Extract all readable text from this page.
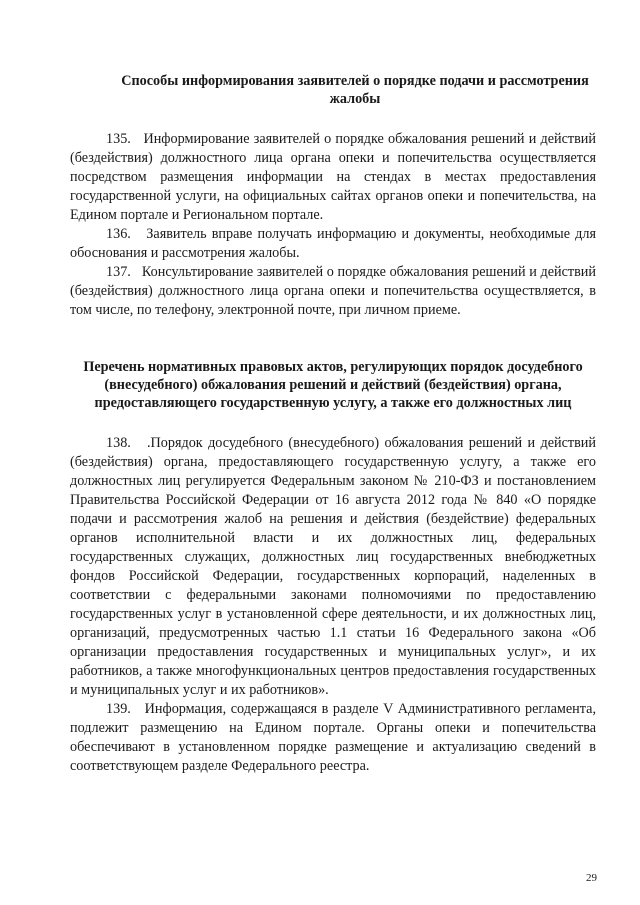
Способы информирования заявителей о порядке подачи и рассмотрения жалобы

135.   Информирование заявителей о порядке обжалования решений и действий (бездействия) должностного лица органа опеки и попечительства осуществляется посредством размещения информации на стендах в местах предоставления государственной услуги, на официальных сайтах органов опеки и попечительства, на Едином портале и Региональном портале.

136.   Заявитель вправе получать информацию и документы, необходимые для обоснования и рассмотрения жалобы.

137.   Консультирование заявителей о порядке обжалования решений и действий (бездействия) должностного лица органа опеки и попечительства осуществляется, в том числе, по телефону, электронной почте, при личном приеме.

Перечень нормативных правовых актов, регулирующих порядок досудебного (внесудебного) обжалования решений и действий (бездействия) органа, предоставляющего государственную услугу, а также его должностных лиц

138.   .Порядок досудебного (внесудебного) обжалования решений и действий (бездействия) органа, предоставляющего государственную услугу, а также его должностных лиц регулируется Федеральным законом № 210-ФЗ и постановлением Правительства Российской Федерации от 16 августа 2012 года № 840 «О порядке подачи и рассмотрения жалоб на решения и действия (бездействие) федеральных органов исполнительной власти и их должностных лиц, федеральных государственных служащих, должностных лиц государственных внебюджетных фондов Российской Федерации, государственных корпораций, наделенных в соответствии с федеральными законами полномочиями по предоставлению государственных услуг в установленной сфере деятельности, и их должностных лиц, организаций, предусмотренных частью 1.1 статьи 16 Федерального закона «Об организации предоставления государственных и муниципальных услуг», и их работников, а также многофункциональных центров предоставления государственных и муниципальных услуг и их работников».

139.   Информация, содержащаяся в разделе V Административного регламента, подлежит размещению на Едином портале. Органы опеки и попечительства обеспечивают в установленном порядке размещение и актуализацию сведений в соответствующем разделе Федерального реестра.

29
